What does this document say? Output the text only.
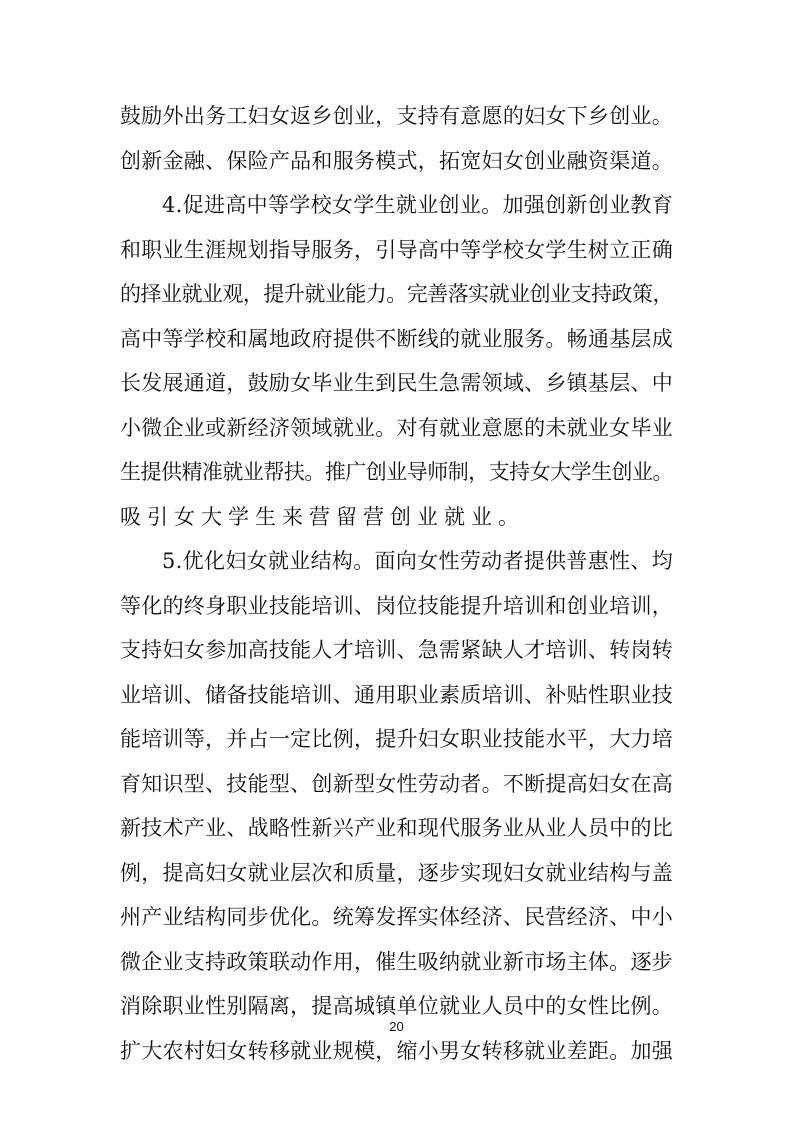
鼓励外出务工妇女返乡创业，支持有意愿的妇女下乡创业。
创新金融、保险产品和服务模式，拓宽妇女创业融资渠道。
4.促进高中等学校女学生就业创业。加强创新创业教育
和职业生涯规划指导服务，引导高中等学校女学生树立正确
的择业就业观，提升就业能力。完善落实就业创业支持政策，
高中等学校和属地政府提供不断线的就业服务。畅通基层成
长发展通道，鼓励女毕业生到民生急需领域、乡镇基层、中
小微企业或新经济领域就业。对有就业意愿的未就业女毕业
生提供精准就业帮扶。推广创业导师制，支持女大学生创业。
吸引女大学生来营留营创业就业。
5.优化妇女就业结构。面向女性劳动者提供普惠性、均
等化的终身职业技能培训、岗位技能提升培训和创业培训，
支持妇女参加高技能人才培训、急需紧缺人才培训、转岗转
业培训、储备技能培训、通用职业素质培训、补贴性职业技
能培训等，并占一定比例，提升妇女职业技能水平，大力培
育知识型、技能型、创新型女性劳动者。不断提高妇女在高
新技术产业、战略性新兴产业和现代服务业从业人员中的比
例，提高妇女就业层次和质量，逐步实现妇女就业结构与盖
州产业结构同步优化。统筹发挥实体经济、民营经济、中小
微企业支持政策联动作用，催生吸纳就业新市场主体。逐步
消除职业性别隔离，提高城镇单位就业人员中的女性比例。
扩大农村妇女转移就业规模，缩小男女转移就业差距。加强
20
